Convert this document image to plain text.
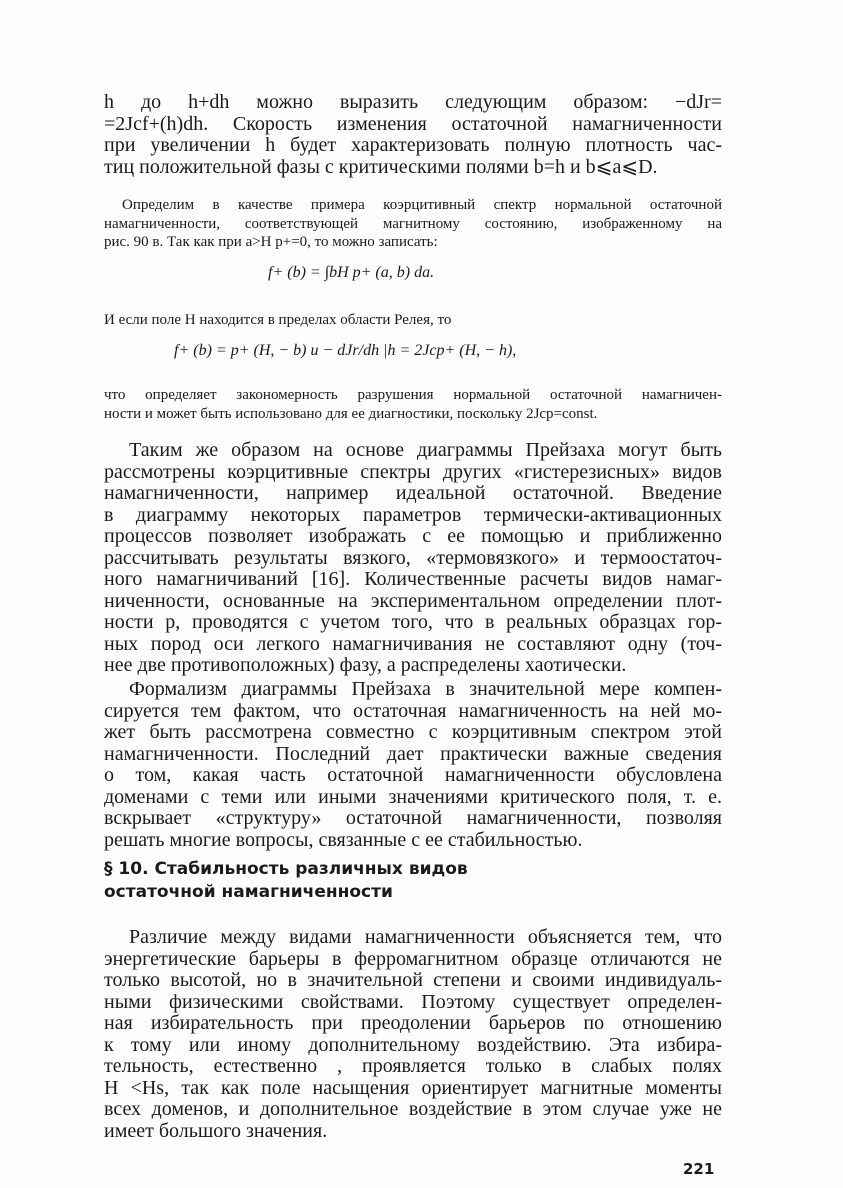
h до h+dh можно выразить следующим образом: −dJr=
=2Jcf+(h)dh. Скорость изменения остаточной намагниченности
при увеличении h будет характеризовать полную плотность час-
тиц положительной фазы с критическими полями b=h и b⩽a⩽D.
Определим в качестве примера коэрцитивный спектр нормальной остаточной
намагниченности, соответствующей магнитному состоянию, изображенному на
рис. 90 в. Так как при a>H p+=0, то можно записать:
f+ (b) = ∫bH p+ (a, b) da.
И если поле H находится в пределах области Релея, то
f+ (b) = p+ (H, − b) и − dJr/dh |h = 2Jcp+ (H, − h),
что определяет закономерность разрушения нормальной остаточной намагничен-
ности и может быть использовано для ее диагностики, поскольку 2Jcp=const.
Таким же образом на основе диаграммы Прейзаха могут быть
рассмотрены коэрцитивные спектры других «гистерезисных» видов
намагниченности, например идеальной остаточной. Введение
в диаграмму некоторых параметров термически-активационных
процессов позволяет изображать с ее помощью и приближенно
рассчитывать результаты вязкого, «термовязкого» и термоостаточ-
ного намагничиваний [16]. Количественные расчеты видов намаг-
ниченности, основанные на экспериментальном определении плот-
ности p, проводятся с учетом того, что в реальных образцах гор-
ных пород оси легкого намагничивания не составляют одну (точ-
нее две противоположных) фазу, а распределены хаотически.
Формализм диаграммы Прейзаха в значительной мере компен-
сируется тем фактом, что остаточная намагниченность на ней мо-
жет быть рассмотрена совместно с коэрцитивным спектром этой
намагниченности. Последний дает практически важные сведения
о том, какая часть остаточной намагниченности обусловлена
доменами с теми или иными значениями критического поля, т. е.
вскрывает «структуру» остаточной намагниченности, позволяя
решать многие вопросы, связанные с ее стабильностью.
§ 10. Стабильность различных видов
остаточной намагниченности
Различие между видами намагниченности объясняется тем, что
энергетические барьеры в ферромагнитном образце отличаются не
только высотой, но в значительной степени и своими индивидуаль-
ными физическими свойствами. Поэтому существует определен-
ная избирательность при преодолении барьеров по отношению
к тому или иному дополнительному воздействию. Эта избира-
тельность, естественно , проявляется только в слабых полях
H <Hs, так как поле насыщения ориентирует магнитные моменты
всех доменов, и дополнительное воздействие в этом случае уже не
имеет большого значения.
221
